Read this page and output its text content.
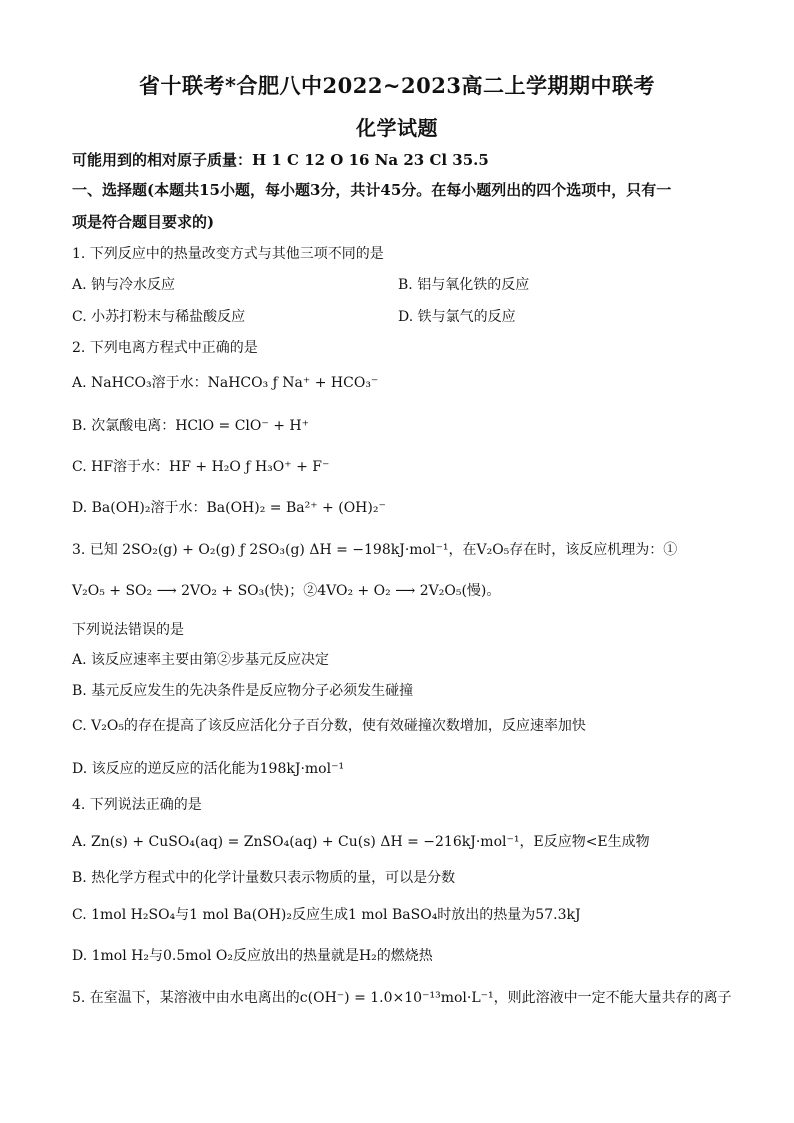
省十联考*合肥八中2022~2023高二上学期期中联考
化学试题
可能用到的相对原子质量：H 1 C 12 O 16 Na 23 Cl 35.5
一、选择题(本题共15小题，每小题3分，共计45分。在每小题列出的四个选项中，只有一
项是符合题目要求的)
1. 下列反应中的热量改变方式与其他三项不同的是
A. 钠与冷水反应	B. 铝与氧化铁的反应
C. 小苏打粉末与稀盐酸反应	D. 铁与氯气的反应
2. 下列电离方程式中正确的是
A. NaHCO₃溶于水：NaHCO₃ ƒ Na⁺ + HCO₃⁻
B. 次氯酸电离：HClO = ClO⁻ + H⁺
C. HF溶于水：HF + H₂O ƒ H₃O⁺ + F⁻
D. Ba(OH)₂溶于水：Ba(OH)₂ = Ba²⁺ + (OH)₂⁻
3. 已知 2SO₂(g) + O₂(g) ƒ 2SO₃(g) ΔH = −198kJ·mol⁻¹，在V₂O₅存在时，该反应机理为：①
V₂O₅ + SO₂ ⟶ 2VO₂ + SO₃(快)；②4VO₂ + O₂ ⟶ 2V₂O₅(慢)。
下列说法错误的是
A. 该反应速率主要由第②步基元反应决定
B. 基元反应发生的先决条件是反应物分子必须发生碰撞
C. V₂O₅的存在提高了该反应活化分子百分数，使有效碰撞次数增加，反应速率加快
D. 该反应的逆反应的活化能为198kJ·mol⁻¹
4. 下列说法正确的是
A. Zn(s) + CuSO₄(aq) = ZnSO₄(aq) + Cu(s) ΔH = −216kJ·mol⁻¹，E反应物<E生成物
B. 热化学方程式中的化学计量数只表示物质的量，可以是分数
C. 1mol H₂SO₄与1 mol Ba(OH)₂反应生成1 mol BaSO₄时放出的热量为57.3kJ
D. 1mol H₂与0.5mol O₂反应放出的热量就是H₂的燃烧热
5. 在室温下，某溶液中由水电离出的c(OH⁻) = 1.0×10⁻¹³mol·L⁻¹，则此溶液中一定不能大量共存的离子
